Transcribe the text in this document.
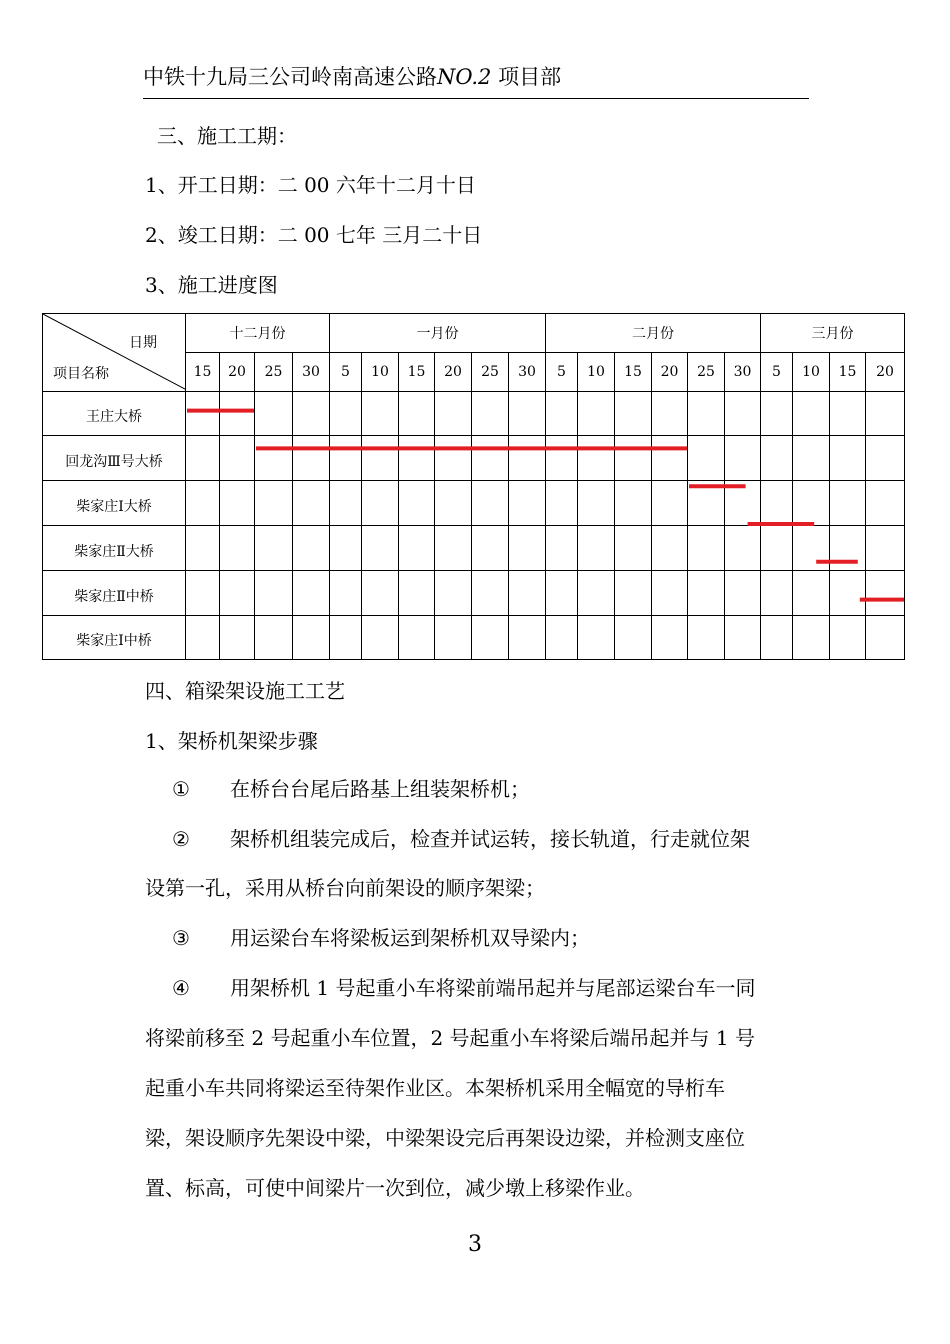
中铁十九局三公司岭南高速公路NO.2 项目部
三、施工工期：
1、开工日期：二 00 六年十二月十日
2、竣工日期：二 00 七年 三月二十日
3、施工进度图
日期
项目名称	十二月份				一月份						二月份						三月份			
	15	20	25	30	5	10	15	20	25	30	5	10	15	20	25	30	5	10	15	20
王庄大桥																				
回龙沟Ⅲ号大桥																				
柴家庄Ⅰ大桥																				
柴家庄Ⅱ大桥																				
柴家庄Ⅱ中桥																				
柴家庄Ⅰ中桥																				
四、箱梁架设施工工艺
1、架桥机架梁步骤
① 在桥台台尾后路基上组装架桥机；
② 架桥机组装完成后，检查并试运转，接长轨道，行走就位架
设第一孔，采用从桥台向前架设的顺序架梁；
③ 用运梁台车将梁板运到架桥机双导梁内；
④ 用架桥机 1 号起重小车将梁前端吊起并与尾部运梁台车一同
将梁前移至 2 号起重小车位置，2 号起重小车将梁后端吊起并与 1 号
起重小车共同将梁运至待架作业区。本架桥机采用全幅宽的导桁车
梁，架设顺序先架设中梁，中梁架设完后再架设边梁，并检测支座位
置、标高，可使中间梁片一次到位，减少墩上移梁作业。
3
